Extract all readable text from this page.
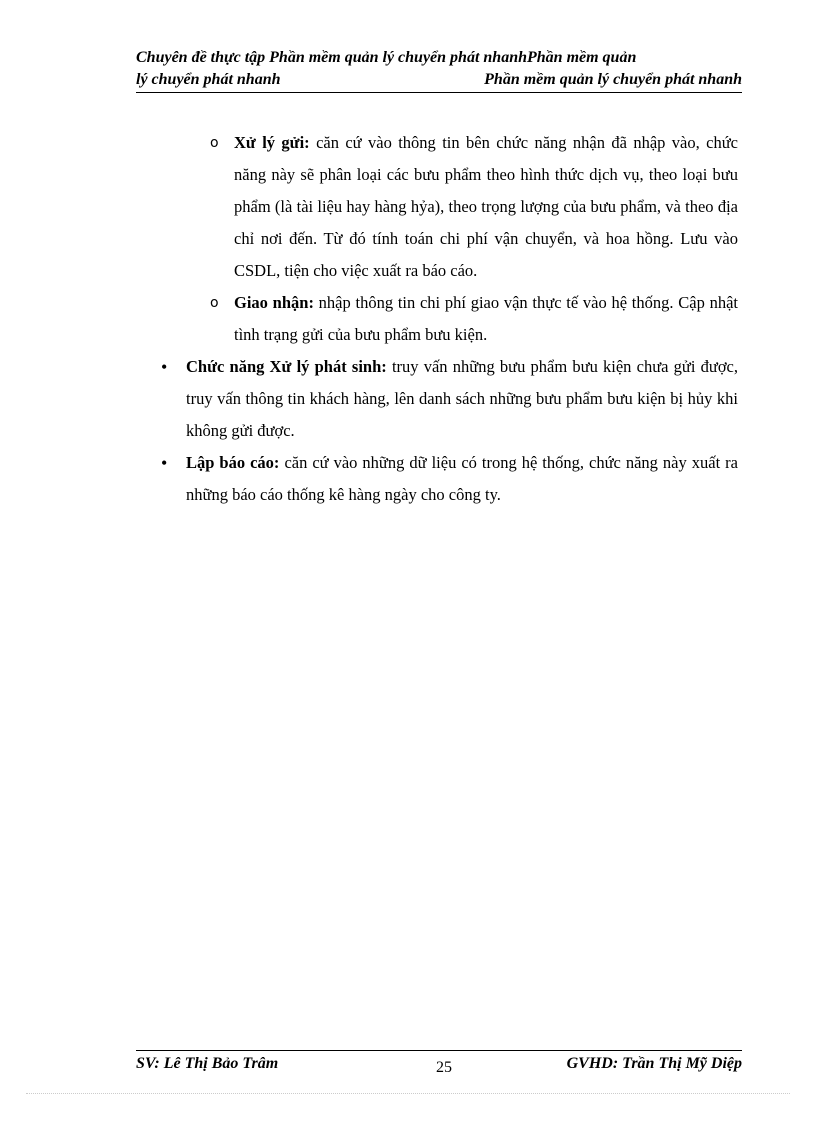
Chuyên đề thực tập Phần mềm quản lý chuyển phát nhanhPhần mềm quản
lý chuyển phát nhanh	Phần mềm quản lý chuyển phát nhanh
o Xử lý gửi: căn cứ vào thông tin bên chức năng nhận đã nhập vào, chức năng này sẽ phân loại các bưu phẩm theo hình thức dịch vụ, theo loại bưu phẩm (là tài liệu hay hàng hỷa), theo trọng lượng của bưu phẩm, và theo địa chỉ nơi đến. Từ đó tính toán chi phí vận chuyển, và hoa hồng. Lưu vào CSDL, tiện cho việc xuất ra báo cáo.
o Giao nhận: nhập thông tin chi phí giao vận thực tế vào hệ thống. Cập nhật tình trạng gửi của bưu phẩm bưu kiện.
• Chức năng Xử lý phát sinh: truy vấn những bưu phẩm bưu kiện chưa gửi được, truy vấn thông tin khách hàng, lên danh sách những bưu phẩm bưu kiện bị hủy khi không gửi được.
• Lập báo cáo: căn cứ vào những dữ liệu có trong hệ thống, chức năng này xuất ra những báo cáo thống kê hàng ngày cho công ty.
SV: Lê Thị Bảo Trâm	25	GVHD: Trần Thị Mỹ Diệp
